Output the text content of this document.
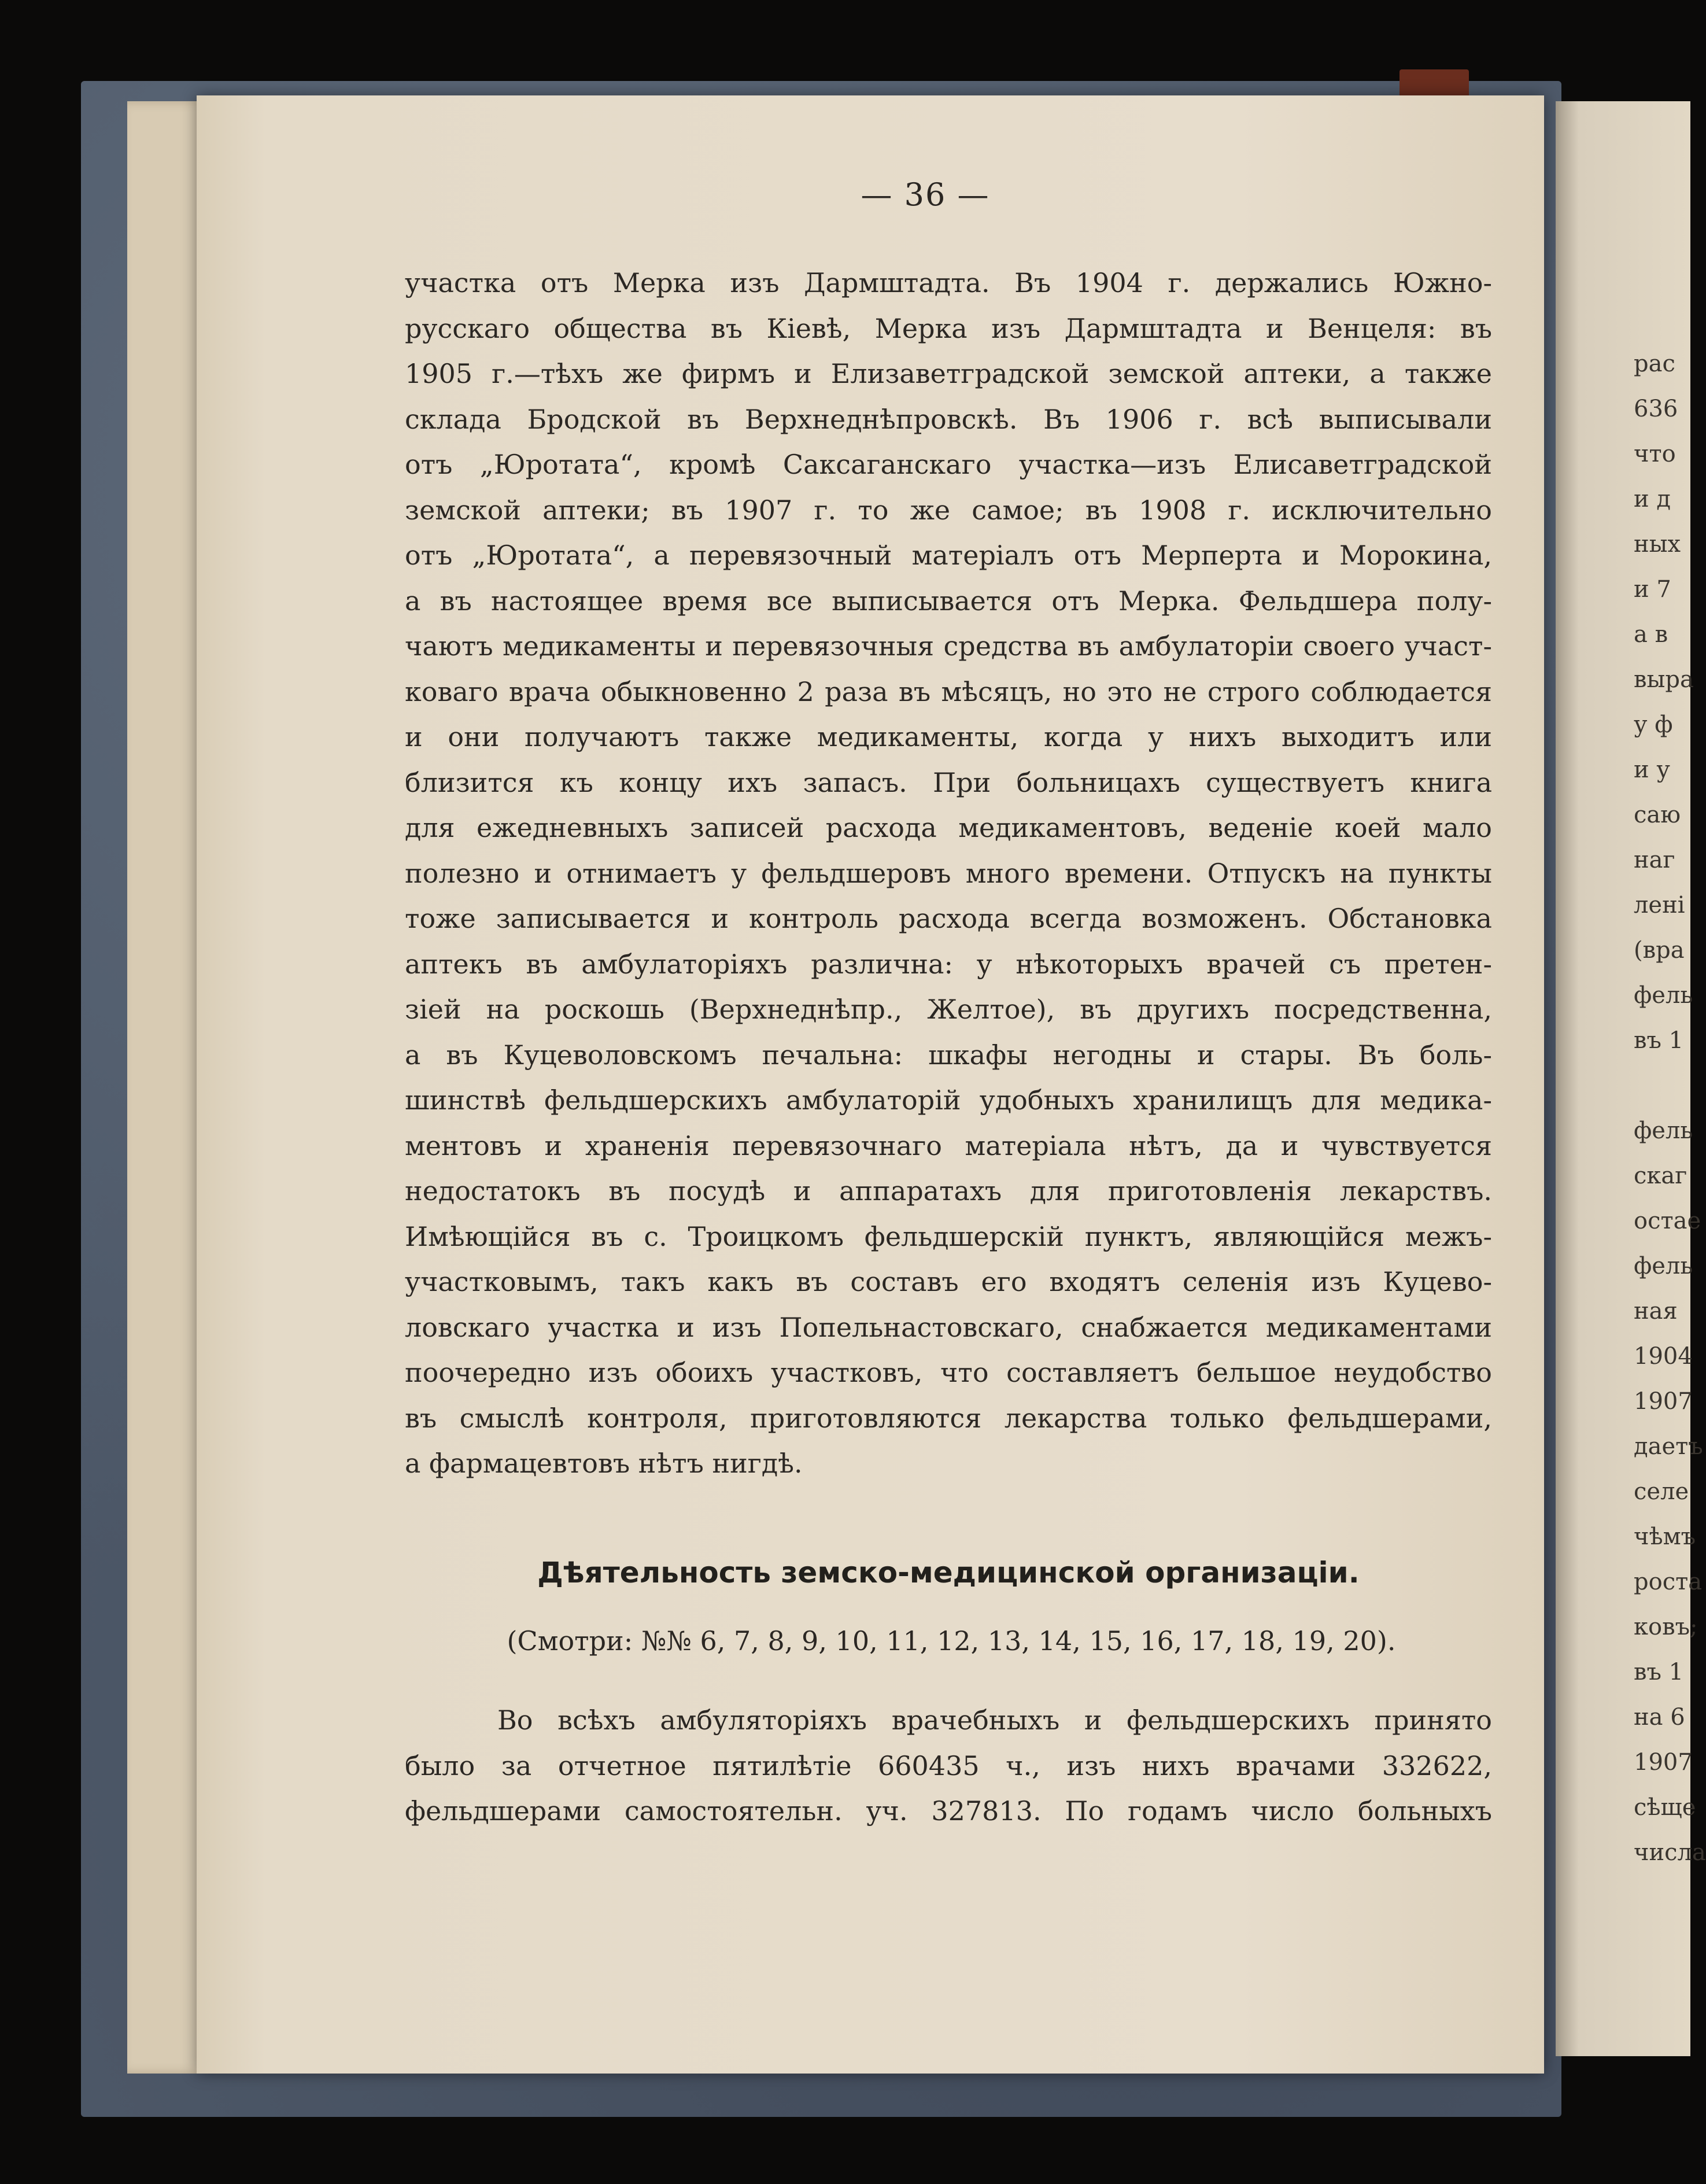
— 36 —
участка отъ Мерка изъ Дармштадта. Въ 1904 г. держались Южно-
русскаго общества въ Кіевѣ, Мерка изъ Дармштадта и Венцеля: въ
1905 г.—тѣхъ же фирмъ и Елизаветградской земской аптеки, а также
склада Бродской въ Верхнеднѣпровскѣ. Въ 1906 г. всѣ выписывали
отъ „Юротата“, кромѣ Саксаганскаго участка—изъ Елисаветградской
земской аптеки; въ 1907 г. то же самое; въ 1908 г. исключительно
отъ „Юротата“, а перевязочный матеріалъ отъ Мерперта и Морокина,
а въ настоящее время все выписывается отъ Мерка. Фельдшера полу-
чаютъ медикаменты и перевязочныя средства въ амбулаторіи своего участ-
коваго врача обыкновенно 2 раза въ мѣсяцъ, но это не строго соблюдается
и они получаютъ также медикаменты, когда у нихъ выходитъ или
близится къ концу ихъ запасъ. При больницахъ существуетъ книга
для ежедневныхъ записей расхода медикаментовъ, веденіе коей мало
полезно и отнимаетъ у фельдшеровъ много времени. Отпускъ на пункты
тоже записывается и контроль расхода всегда возможенъ. Обстановка
аптекъ въ амбулаторіяхъ различна: у нѣкоторыхъ врачей съ претен-
зіей на роскошь (Верхнеднѣпр., Желтое), въ другихъ посредственна,
а въ Куцеволовскомъ печальна: шкафы негодны и стары. Въ боль-
шинствѣ фельдшерскихъ амбулаторій удобныхъ хранилищъ для медика-
ментовъ и храненія перевязочнаго матеріала нѣтъ, да и чувствуется
недостатокъ въ посудѣ и аппаратахъ для приготовленія лекарствъ.
Имѣющійся въ с. Троицкомъ фельдшерскій пунктъ, являющійся межъ-
участковымъ, такъ какъ въ составъ его входятъ селенія изъ Куцево-
ловскаго участка и изъ Попельнастовскаго, снабжается медикаментами
поочередно изъ обоихъ участковъ, что составляетъ бельшое неудобство
въ смыслѣ контроля, приготовляются лекарства только фельдшерами,
а фармацевтовъ нѣтъ нигдѣ.
Дѣятельность земско-медицинской организаціи.
(Смотри: №№ 6, 7, 8, 9, 10, 11, 12, 13, 14, 15, 16, 17, 18, 19, 20).
Во всѣхъ амбуляторіяхъ врачебныхъ и фельдшерскихъ принято
было за отчетное пятилѣтіе 660435 ч., изъ нихъ врачами 332622,
фельдшерами самостоятельн. уч. 327813. По годамъ число больныхъ
рас
636
что
и д
ных
и 7
а в
выра
у ф
и у
саю
наг
лені
(вра
фель
въ 1
фель
скаг
остае
фель
ная
1904
1907
даетъ
селе
чѣмъ
роста
ковъ;
въ 1
на 6
1907
сѣще
числа
